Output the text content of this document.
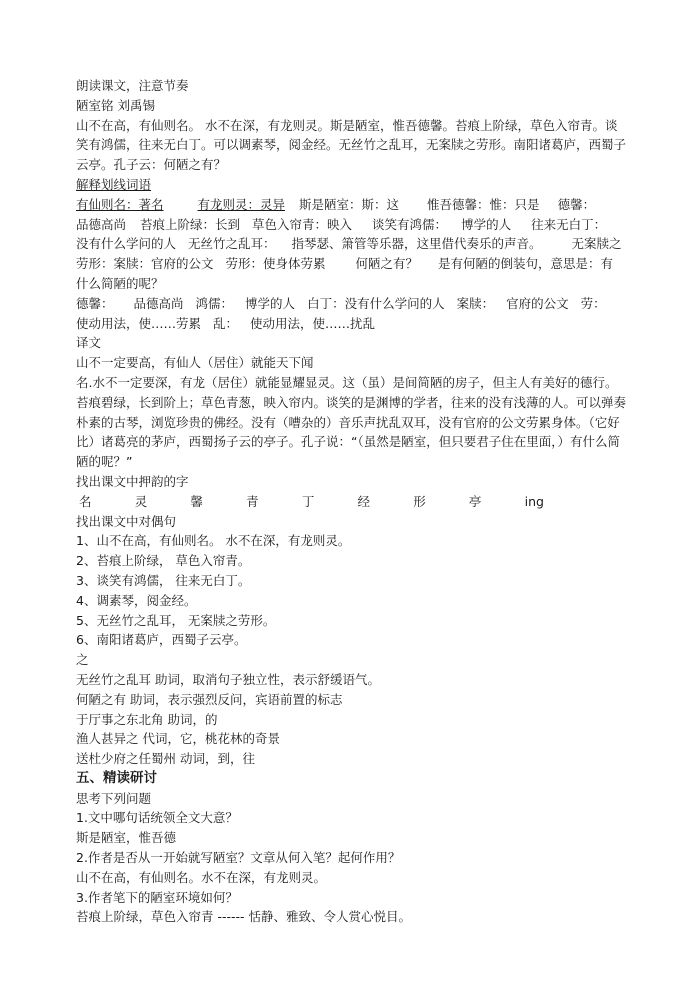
朗读课文，注意节奏

陋室铭 刘禹锡

山不在高，有仙则名。 水不在深，有龙则灵。斯是陋室，惟吾德馨。苔痕上阶绿，草色入帘青。谈笑有鸿儒，往来无白丁。可以调素琴，阅金经。无丝竹之乱耳，无案牍之劳形。南阳诸葛庐，西蜀子云亭。孔子云：何陋之有？

解释划线词语

有仙则名：著名	有龙则灵：灵异 斯是陋室：斯：这 惟吾德馨：惟：只是 德馨：

品德高尚 苔痕上阶绿：长到 草色入帘青：映入 谈笑有鸿儒： 博学的人 往来无白丁：

没有什么学问的人 无丝竹之乱耳： 指琴瑟、箫管等乐器，这里借代奏乐的声音。 无案牍之

劳形：案牍：官府的公文 劳形：使身体劳累 何陋之有？ 是有何陋的倒装句，意思是：有

什么简陋的呢？

德馨： 品德高尚 鸿儒： 博学的人 白丁：没有什么学问的人 案牍： 官府的公文 劳：

使动用法，使……劳累 乱： 使动用法，使……扰乱

译文

山不一定要高，有仙人（居住）就能天下闻

名.水不一定要深，有龙（居住）就能显耀显灵。这（虽）是间简陋的房子，但主人有美好的德行。苔痕碧绿，长到阶上；草色青葱，映入帘内。谈笑的是渊博的学者，往来的没有浅薄的人。可以弹奏朴素的古琴，浏览珍贵的佛经。没有（嘈杂的）音乐声扰乱双耳，没有官府的公文劳累身体。（它好比）诸葛亮的茅庐，西蜀扬子云的亭子。孔子说：“（虽然是陋室，但只要君子住在里面，）有什么简陋的呢？”

找出课文中押韵的字

名	灵	馨	青	丁	经	形	亭	ing

找出课文中对偶句

1、山不在高，有仙则名。 水不在深，有龙则灵。

2、苔痕上阶绿， 草色入帘青。

3、谈笑有鸿儒， 往来无白丁。

4、调素琴，阅金经。

5、无丝竹之乱耳， 无案牍之劳形。

6、南阳诸葛庐，西蜀子云亭。

之

无丝竹之乱耳 助词，取消句子独立性，表示舒缓语气。

何陋之有 助词，表示强烈反问，宾语前置的标志

于厅事之东北角 助词，的

渔人甚异之 代词，它，桃花林的奇景

送杜少府之任蜀州 动词，到，往

五、精读研讨

思考下列问题

1.文中哪句话统领全文大意？

斯是陋室，惟吾德

2.作者是否从一开始就写陋室？文章从何入笔？起何作用？

山不在高，有仙则名。水不在深，有龙则灵。

3.作者笔下的陋室环境如何？

苔痕上阶绿，草色入帘青 ------ 恬静、雅致、令人赏心悦目。
